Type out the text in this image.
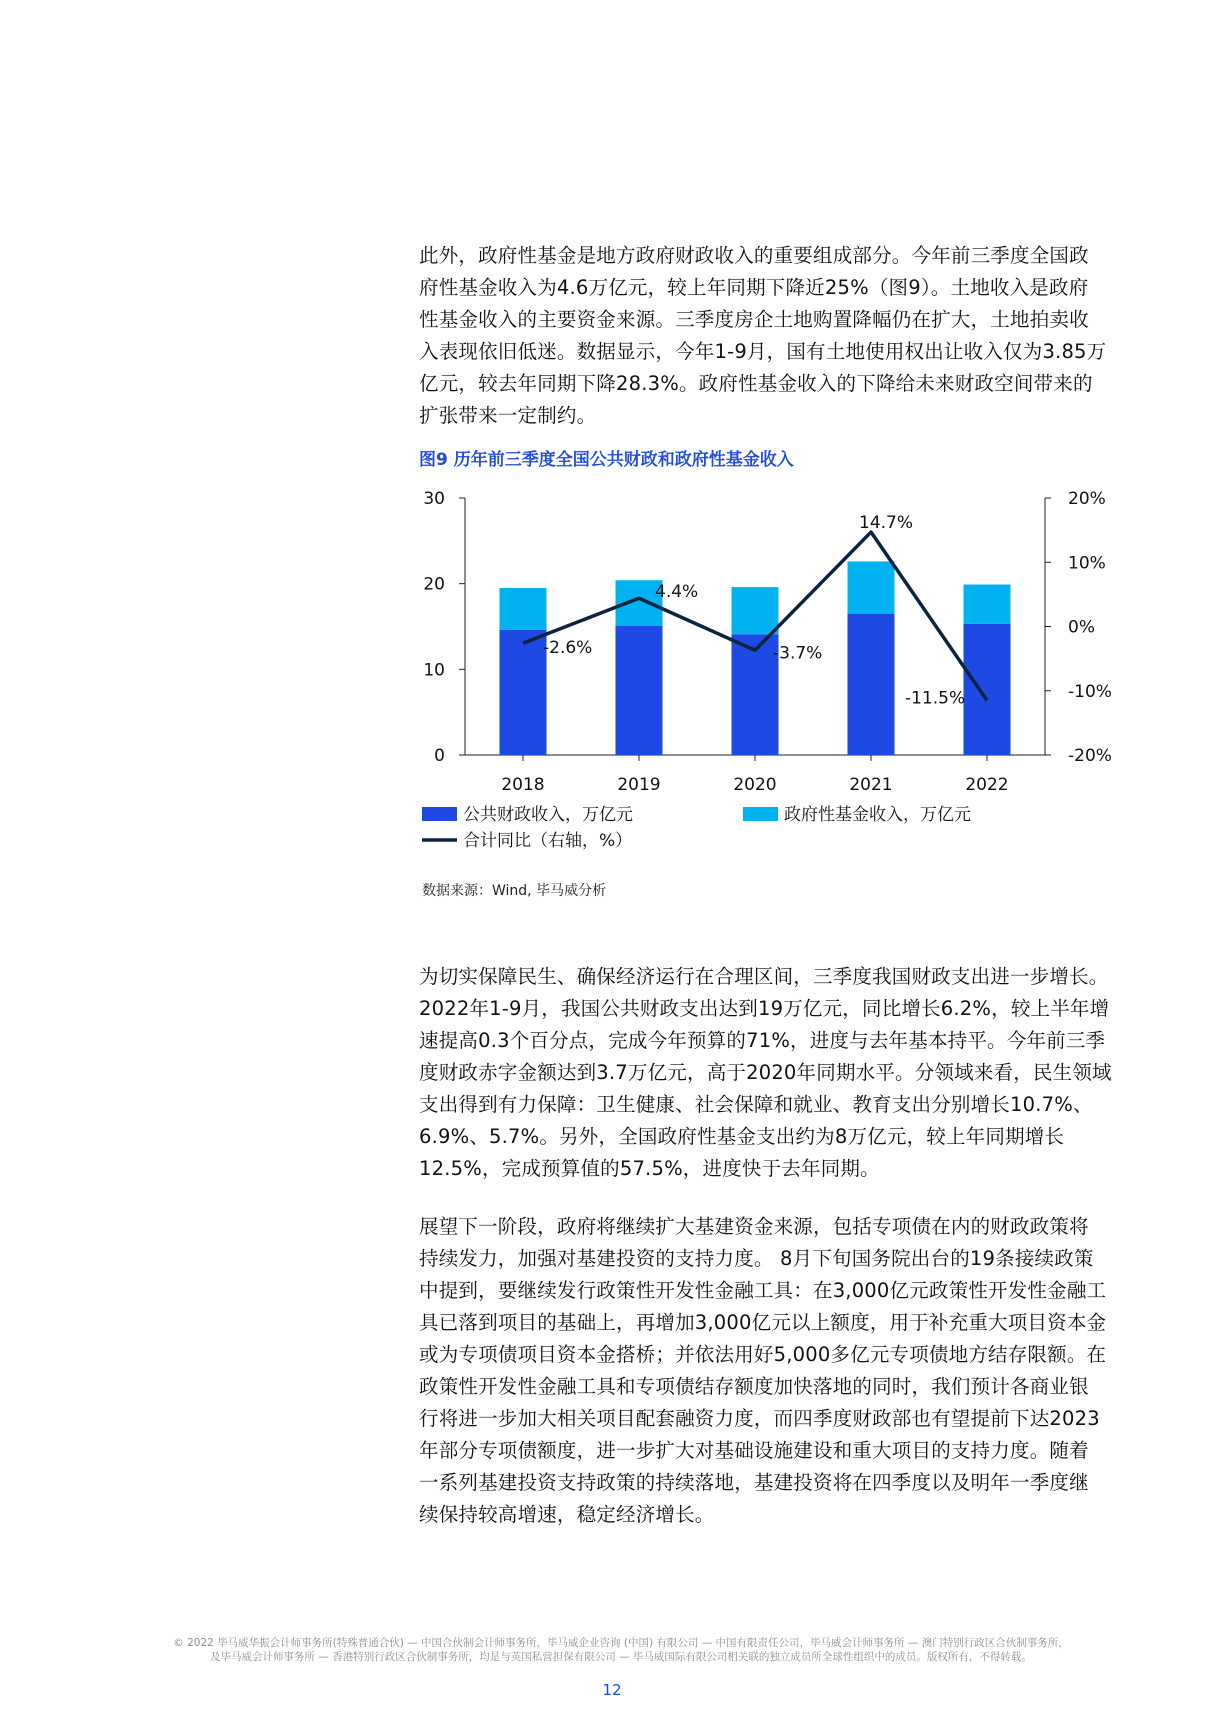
此外，政府性基金是地方政府财政收入的重要组成部分。今年前三季度全国政
府性基金收入为4.6万亿元，较上年同期下降近25%（图9）。土地收入是政府
性基金收入的主要资金来源。三季度房企土地购置降幅仍在扩大，土地拍卖收
入表现依旧低迷。数据显示，今年1-9月，国有土地使用权出让收入仅为3.85万
亿元，较去年同期下降28.3%。政府性基金收入的下降给未来财政空间带来的
扩张带来一定制约。
图9 历年前三季度全国公共财政和政府性基金收入
0
10
20
30
-20%
-10%
0%
10%
20%
2018	2019	2020	2021	2022
-2.6%
4.4%
-3.7%
14.7%
-11.5%
公共财政收入，万亿元	政府性基金收入，万亿元
合计同比（右轴，%）
数据来源：Wind, 毕马威分析
为切实保障民生、确保经济运行在合理区间，三季度我国财政支出进一步增长。
2022年1-9月，我国公共财政支出达到19万亿元，同比增长6.2%，较上半年增
速提高0.3个百分点，完成今年预算的71%，进度与去年基本持平。今年前三季
度财政赤字金额达到3.7万亿元，高于2020年同期水平。分领域来看，民生领域
支出得到有力保障：卫生健康、社会保障和就业、教育支出分别增长10.7%、
6.9%、5.7%。另外，全国政府性基金支出约为8万亿元，较上年同期增长
12.5%，完成预算值的57.5%，进度快于去年同期。
展望下一阶段，政府将继续扩大基建资金来源，包括专项债在内的财政政策将
持续发力，加强对基建投资的支持力度。 8月下旬国务院出台的19条接续政策
中提到，要继续发行政策性开发性金融工具：在3,000亿元政策性开发性金融工
具已落到项目的基础上，再增加3,000亿元以上额度，用于补充重大项目资本金
或为专项债项目资本金搭桥；并依法用好5,000多亿元专项债地方结存限额。在
政策性开发性金融工具和专项债结存额度加快落地的同时，我们预计各商业银
行将进一步加大相关项目配套融资力度，而四季度财政部也有望提前下达2023
年部分专项债额度，进一步扩大对基础设施建设和重大项目的支持力度。随着
一系列基建投资支持政策的持续落地，基建投资将在四季度以及明年一季度继
续保持较高增速，稳定经济增长。
© 2022 毕马威华振会计师事务所(特殊普通合伙) — 中国合伙制会计师事务所，毕马威企业咨询 (中国) 有限公司 — 中国有限责任公司，毕马威会计师事务所 — 澳门特别行政区合伙制事务所，
及毕马威会计师事务所 — 香港特别行政区合伙制事务所，均是与英国私营担保有限公司 — 毕马威国际有限公司相关联的独立成员所全球性组织中的成员。版权所有，不得转载。
12
